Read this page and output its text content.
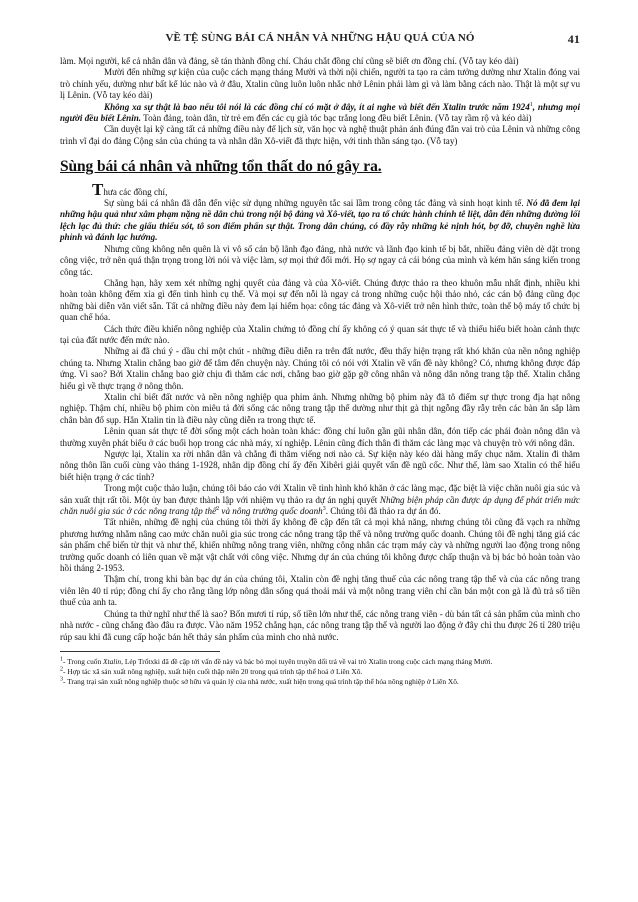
VỀ TỆ SÙNG BÁI CÁ NHÂN VÀ NHỮNG HẬU QUẢ CỦA NÓ	41

làm. Mọi người, kể cả nhân dân và đảng, sẽ tán thành đồng chí. Cháu chắt đồng chí cũng sẽ biết ơn đồng chí. (Vỗ tay kéo dài)

Mười đến những sự kiện của cuộc cách mạng tháng Mười và thời nội chiến, người ta tạo ra cảm tưởng dường như Xtalin đóng vai trò chính yếu, dường như bất kể lúc nào và ở đâu, Xtalin cũng luôn luôn nhắc nhở Lênin phải làm gì và làm bằng cách nào. Thật là một sự vu lị Lênin. (Vỗ tay kéo dài)

Không xa sự thật là bao nếu tôi nói là các đồng chí có mặt ở đây, ít ai nghe và biết đến Xtalin trước năm 1924$^1$, nhưng mọi người đều biết Lênin. Toàn đảng, toàn dân, từ trẻ em đến các cụ già tóc bạc trắng long đều biết Lênin. (Vỗ tay rầm rộ và kéo dài)

Cần duyệt lại kỹ càng tất cả những điều này để lịch sử, văn học và nghệ thuật phản ánh đúng đắn vai trò của Lênin và những công trình vĩ đại do đảng Cộng sản của chúng ta và nhân dân Xô-viết đã thực hiện, với tinh thần sáng tạo. (Vỗ tay)

Sùng bái cá nhân và những tổn thất do nó gây ra.

Thưa các đồng chí,

Sự sùng bái cá nhân đã dẫn đến việc sử dụng những nguyên tắc sai lầm trong công tác đảng và sinh hoạt kinh tế. Nó đã đem lại những hậu quả như xâm phạm nặng nề dân chủ trong nội bộ đảng và Xô-viết, tạo ra tổ chức hành chính tê liệt, dẫn đến những đường lối lệch lạc đủ thứ: che giấu thiếu sót, tô son điểm phấn sự thật. Trong dân chúng, có đầy rẫy những kẻ nịnh hót, bợ đỡ, chuyên nghề lừa phỉnh và đánh lạc hướng.

Nhưng cũng không nên quên là vì vô số cán bộ lãnh đạo đảng, nhà nước và lãnh đạo kinh tế bị bắt, nhiều đảng viên dè dặt trong công việc, trở nên quá thận trọng trong lời nói và việc làm, sợ mọi thứ đổi mới. Họ sợ ngay cả cái bóng của mình và kém hăn sáng kiến trong công tác.

Chẳng hạn, hãy xem xét những nghị quyết của đảng và của Xô-viết. Chúng được thảo ra theo khuôn mẫu nhất định, nhiều khi hoàn toàn không đếm xỉa gì đến tình hình cụ thể. Và mọi sự đến nỗi là ngay cả trong những cuộc hội thảo nhỏ, các cán bộ đảng cũng đọc những bài diễn văn viết sẵn. Tất cả những điều này đem lại hiểm họa: công tác đảng và Xô-viết trở nên hình thức, toàn thể bộ máy tổ chức bị quan chế hóa.

Cách thức điều khiển nông nghiệp của Xtalin chứng tỏ đồng chí ấy không có ý quan sát thực tế và thiếu hiểu biết hoàn cảnh thực tại của đất nước đến mức nào.

Những ai đã chú ý - dầu chỉ một chút - những điều diễn ra trên đất nước, đều thấy hiện trạng rất khó khăn của nền nông nghiệp chúng ta. Nhưng Xtalin chẳng bao giờ để tâm đến chuyện này. Chúng tôi có nói với Xtalin về vấn đề này không? Có, nhưng không được đáp ứng. Vì sao? Bởi Xtalin chẳng bao giờ chịu đi thăm các nơi, chẳng bao giờ gặp gỡ công nhân và nông dân nông trang tập thể. Xtalin chẳng hiểu gì về thực trạng ở nông thôn.

Xtalin chỉ biết đất nước và nền nông nghiệp qua phim ảnh. Nhưng những bộ phim này đã tô điểm sự thực trong địa hạt nông nghiệp. Thậm chí, nhiều bộ phim còn miêu tả đời sống các nông trang tập thể dường như thịt gà thịt ngỗng đầy rẫy trên các bàn ăn sắp làm chân bàn đổ sụp. Hẳn Xtalin tin là điều này cũng diễn ra trong thực tế.

Lênin quan sát thực tế đời sống một cách hoàn toàn khác: đồng chí luôn gần gũi nhân dân, đón tiếp các phái đoàn nông dân và thường xuyên phát biểu ở các buổi họp trong các nhà máy, xí nghiệp. Lênin cũng đích thân đi thăm các làng mạc và chuyện trò với nông dân.

Ngược lại, Xtalin xa rời nhân dân và chẳng đi thăm viếng nơi nào cả. Sự kiện này kéo dài hàng mấy chục năm. Xtalin đi thăm nông thôn lần cuối cùng vào tháng 1-1928, nhân dịp đồng chí ấy đến Xibêri giải quyết vấn đề ngũ cốc. Như thế, làm sao Xtalin có thể hiểu biết hiện trạng ở các tỉnh?

Trong một cuộc thảo luận, chúng tôi báo cáo với Xtalin về tình hình khó khăn ở các làng mạc, đặc biệt là việc chăn nuôi gia súc và sản xuất thịt rất tồi. Một ủy ban được thành lập với nhiệm vụ thảo ra dự án nghị quyết Những biện pháp cần được áp dụng để phát triển mức chăn nuôi gia súc ở các nông trang tập thể$^2$ và nông trường quốc doanh$^3$. Chúng tôi đã thảo ra dự án đó.

Tất nhiên, những đề nghị của chúng tôi thời ấy không đề cập đến tất cả mọi khả năng, nhưng chúng tôi cũng đã vạch ra những phương hướng nhằm nâng cao mức chăn nuôi gia súc trong các nông trang tập thể và nông trường quốc doanh. Chúng tôi đề nghị tăng giá các sản phẩm chế biến từ thịt và như thế, khiến những nông trang viên, những công nhân các trạm máy cày và những người lao động trong nông trường quốc doanh có liên quan về mặt vật chất với công việc. Nhưng dự án của chúng tôi không được chấp thuận và bị bác bỏ hoàn toàn vào hồi tháng 2-1953.

Thậm chí, trong khi bàn bạc dự án của chúng tôi, Xtalin còn đề nghị tăng thuế của các nông trang tập thể và của các nông trang viên lên 40 tỉ rúp; đồng chí ấy cho rằng tầng lớp nông dân sống quá thoải mái và một nông trang viên chỉ cần bán một con gà là đủ trả số tiền thuế của anh ta.

Chúng ta thử nghĩ như thế là sao? Bốn mươi tỉ rúp, số tiền lớn như thế, các nông trang viên - dù bán tất cả sản phẩm của mình cho nhà nước - cũng chẳng đào đâu ra được. Vào năm 1952 chẳng hạn, các nông trang tập thể và người lao động ở đây chỉ thu được 26 tỉ 280 triệu rúp sau khi đã cung cấp hoặc bán hết thảy sản phẩm của mình cho nhà nước.

$^1$- Trong cuốn Xtalin, Lép Trốtxki đã đề cập tới vấn đề này và bác bỏ mọi tuyên truyền dối trá về vai trò Xtalin trong cuộc cách mạng tháng Mười.

$^2$- Hợp tác xã sản xuất nông nghiệp, xuất hiện cuối thập niên 20 trong quá trình tập thể hoá ở Liên Xô.

$^3$- Trang trại sản xuất nông nghiệp thuộc sở hữu và quản lý của nhà nước, xuất hiện trong quá trình tập thể hóa nông nghiệp ở Liên Xô.
